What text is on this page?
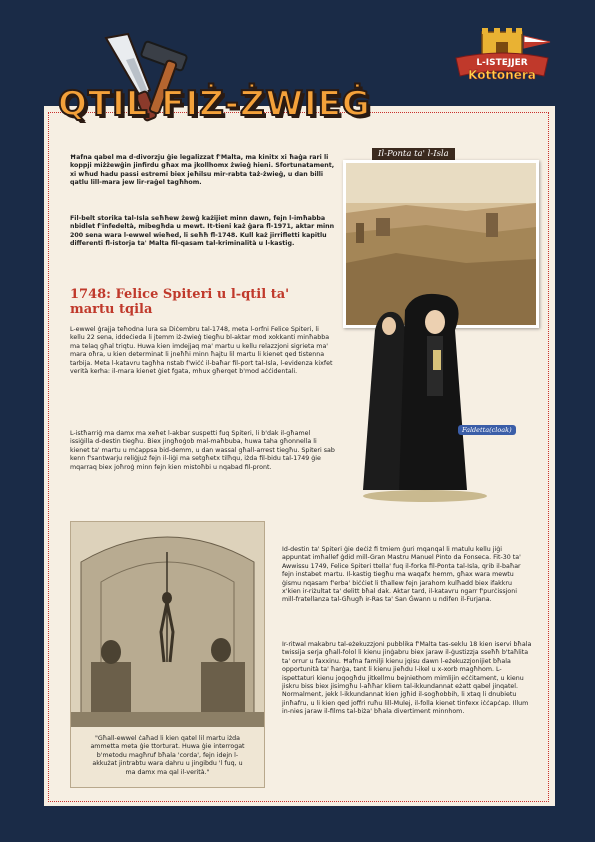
QTIL FIŻ-ŻWIEĠ
L-ISTEJJER
Kottonera

Ħafna qabel ma d-divorzju ġie legalizzat f'Malta, ma kinitx xi ħaġa rari li koppji miżżewġin jinfirdu għax ma jkollhomx żwieġ hieni. Sfortunatament, xi wħud hadu passi estremi biex jeħilsu mir-rabta taż-żwieġ, u dan billi qatlu lill-mara jew lir-raġel tagħhom.

Fil-belt storika tal-Isla seħħew żewġ każijiet minn dawn, fejn l-imħabba nbidlet f'infedeltà, mibegħda u mewt. It-tieni każ ġara fl-1971, aktar minn 200 sena wara l-ewwel wieħed, li seħħ fl-1748. Kull każ jirrifletti kapitlu differenti fl-istorja ta' Malta fil-qasam tal-kriminalità u l-kastig.

1748: Felice Spiteri u l-qtil ta' martu tqila

L-ewwel ġrajja teħodna lura sa Diċembru tal-1748, meta l-orfni Felice Spiteri, li kellu 22 sena, iddeċieda li jtemm iż-żwieġ tiegħu bl-aktar mod xokkanti minħabba ma telaq għal triqtu. Huwa kien imdejjaq ma' martu u kellu relazzjoni sigrieta ma' mara oħra, u kien determinat li jneħħi minn ħajtu lil martu li kienet qed tistenna tarbija. Meta l-katavru tagħha nstab f'wiċċ il-baħar fil-port tal-Isla, l-evidenza kixfet verità kerha: il-mara kienet ġiet fgata, mhux għerqet b'mod aċċidentali.

L-istħarriġ ma damx ma xeħet l-akbar suspetti fuq Spiteri, li b'dak il-għamel issiġilla d-destin tiegħu. Biex jingħoġob mal-maħbuba, huwa taha għonnella li kienet ta' martu u mċappsa bid-demm, u dan wassal għall-arrest tiegħu. Spiteri sab kenn f'santwarju reliġjuż fejn il-liġi ma setgħetx tilħqu, iżda fil-bidu tal-1749 ġie mqarraq biex joħroġ minn fejn kien mistoħbi u nqabad fil-pront.

Il-Ponta ta' l-Isla
Faldetta(cloak)

"Għall-ewwel ċaħad li kien qatel lil martu iżda ammetta meta ġie ttorturat. Huwa ġie interrogat b'metodu magħruf bħala 'corda', fejn idejn l-akkużat jintrabtu wara dahru u jingibdu 'l fuq, u ma damx ma qal il-verità."

Id-destin ta' Spiteri ġie deċiż fi tmiem ġuri mqanqal li matulu kellu jiġi appuntat imħallef ġdid mill-Gran Mastru Manuel Pinto da Fonseca. Fit-30 ta' Awwissu 1749, Felice Spiteri ttella' fuq il-forka fil-Ponta tal-Isla, qrib il-baħar fejn instabet martu. Il-kastig tiegħu ma waqafx hemm, għax wara mewtu ġismu nqasam f'erba' biċċiet li tħallew fejn jarahom kulħadd biex ifakkru x'kien ir-riżultat ta' delitt bħal dak. Aktar tard, il-katavru ngarr f'purċissjoni mill-fratellanza tal-Għugħ ir-Ras ta' San Ġwann u ndifen il-Furjana.

Ir-ritwal makabru tal-eżekuzzjoni pubblika f'Malta tas-seklu 18 kien iservi bħala twissija serja għall-folol li kienu jinġabru biex jaraw il-ġustizzja sseħħ b'taħlita ta' orrur u faxxinu. Ħafna familji kienu jqisu dawn l-eżekuzzjonijiet bħala opportunità ta' ħarġa, tant li kienu jieħdu l-ikel u x-xorb magħhom. L-ispettaturi kienu joqogħdu jitkellmu bejniethom mimlijin eċċitament, u kienu jiskru biss biex jisimgħu l-aħħar kliem tal-ikkundannat eżatt qabel jinqatel. Normalment, jekk l-ikkundannat kien jgħid il-sogħobbih, li xtaq li dnubietu jinħafru, u li kien qed joffri ruħu lill-Mulej, il-folla kienet tinfexx iċċapċap. Illum in-nies jaraw il-films tal-biża' bħala divertiment minnhom.
